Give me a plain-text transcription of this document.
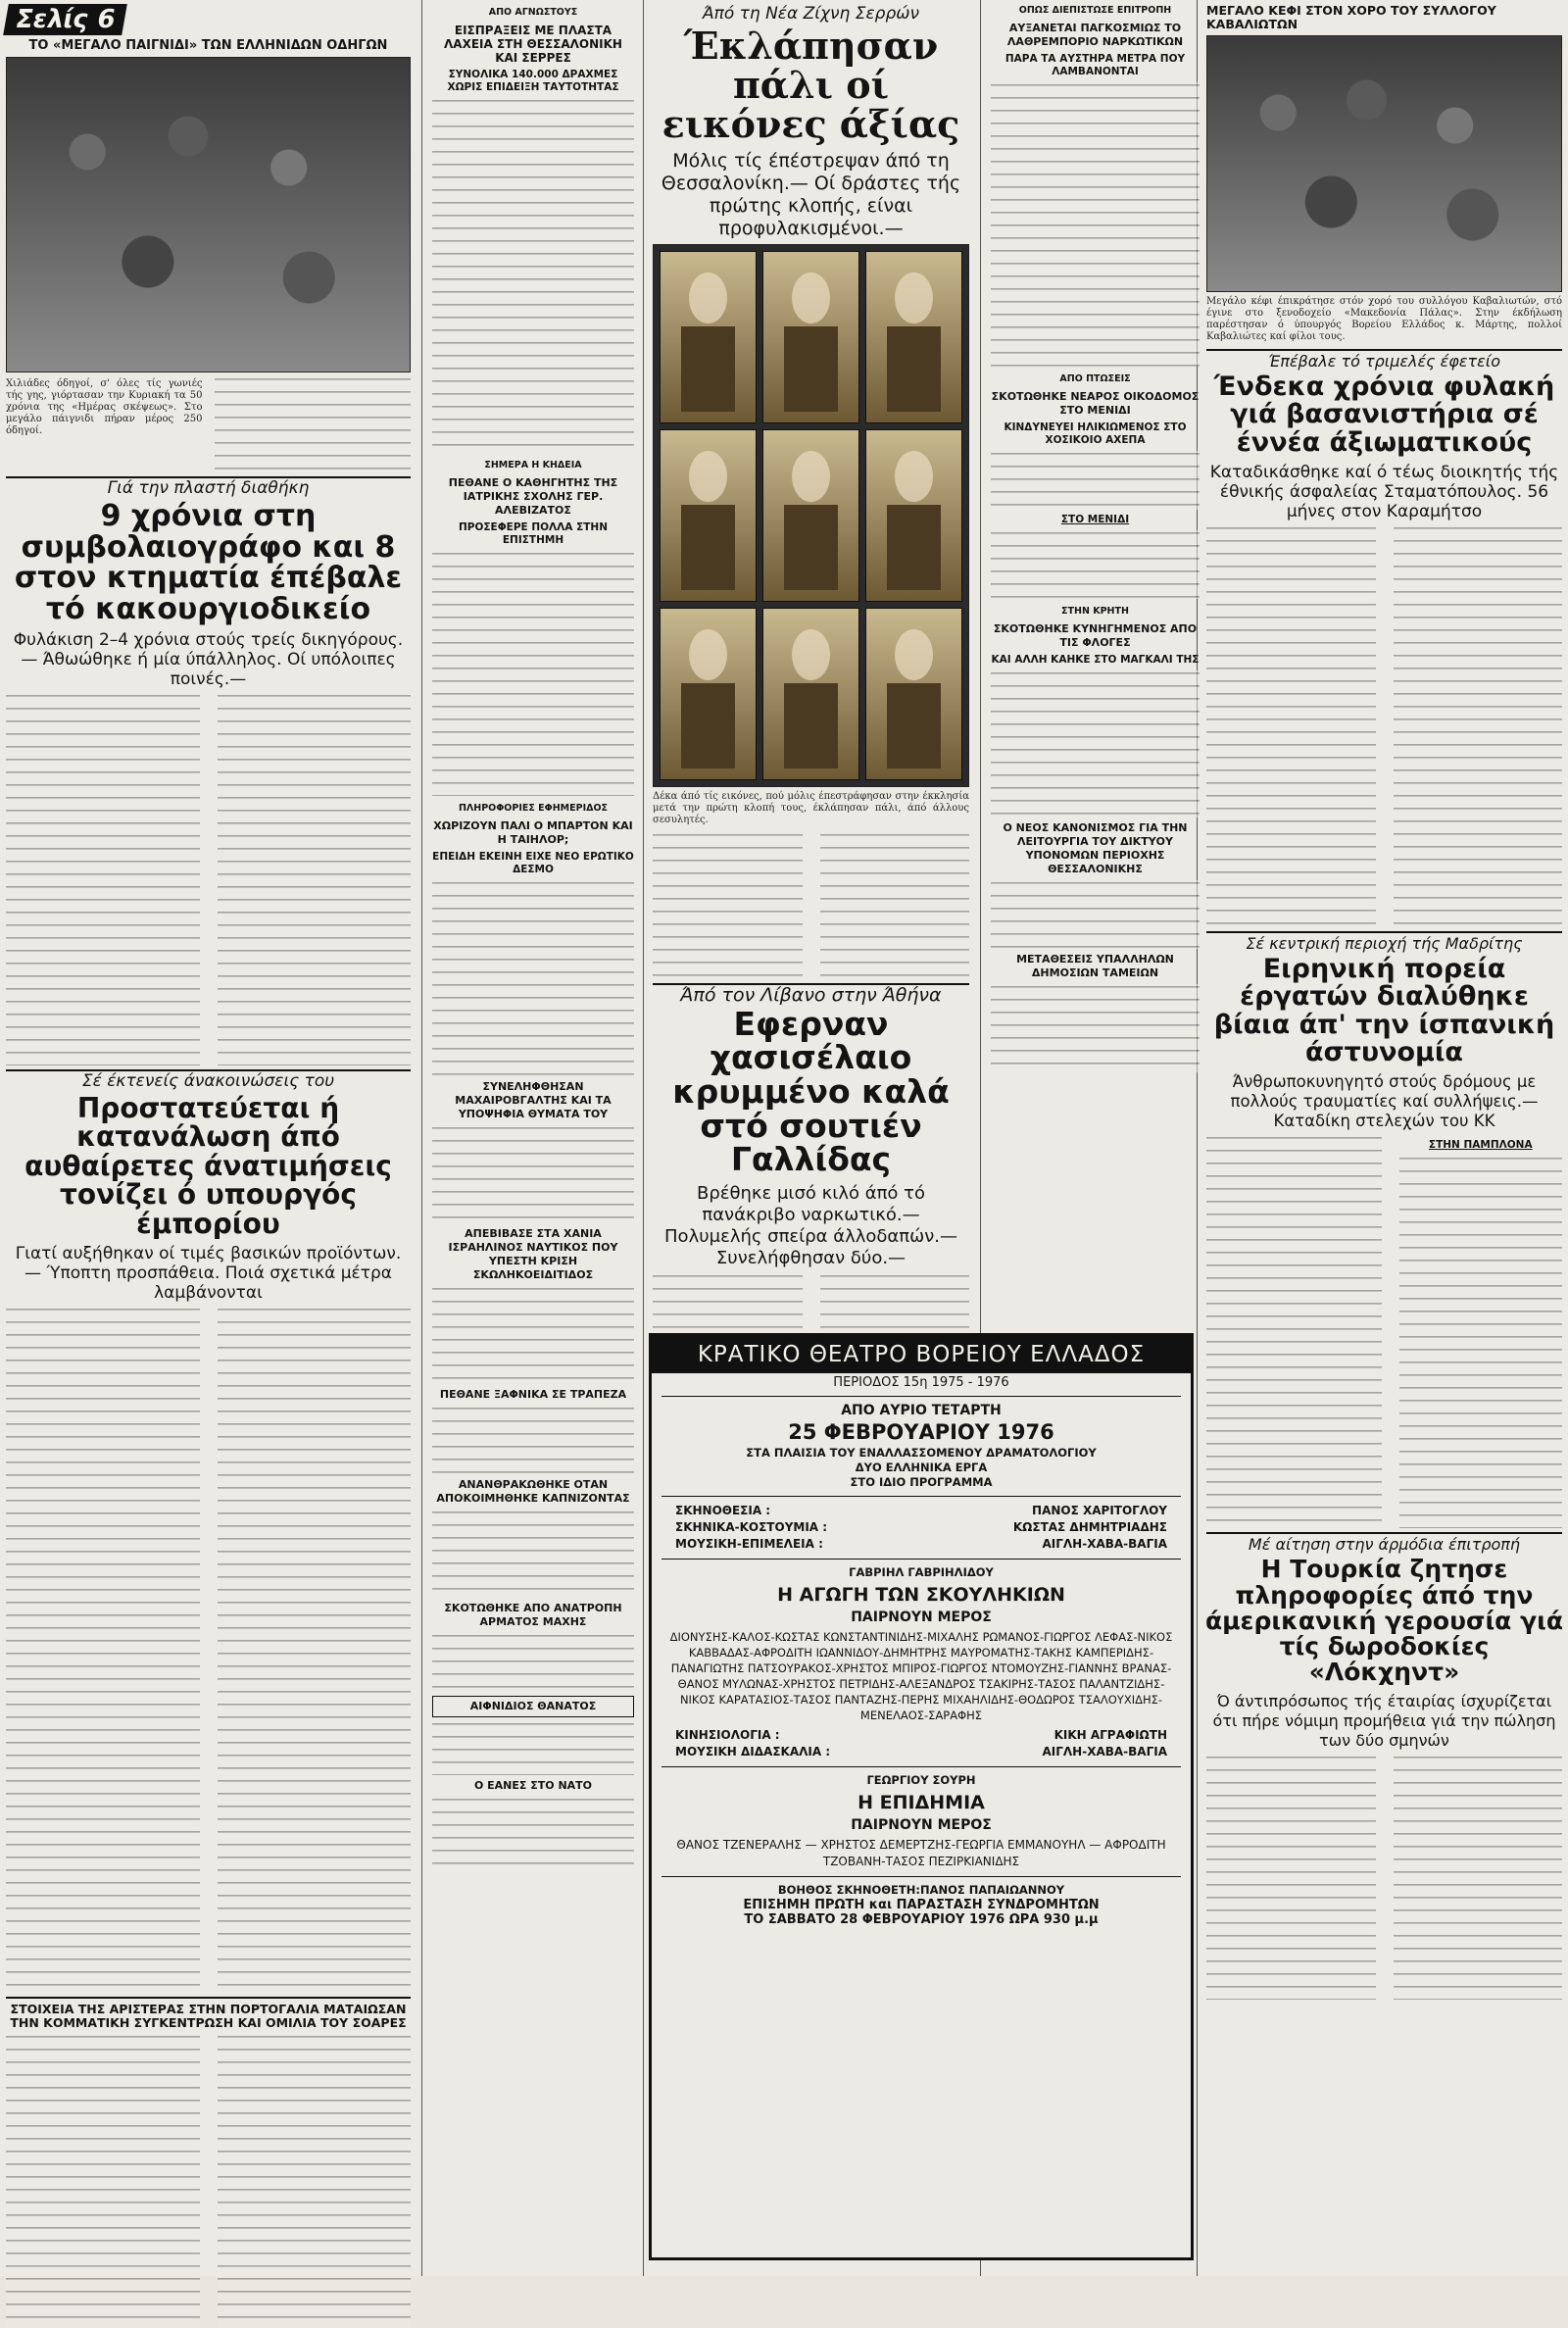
Σελίς 6
ΤΟ «ΜΕΓΑΛΟ ΠΑΙΓΝΙΔΙ» ΤΩΝ ΕΛΛΗΝΙΔΩΝ ΟΔΗΓΩΝ
Χιλιάδες όδηγοί, σ' όλες τίς γωνιές τής γης, γιόρτασαν την Κυριακή τα 50 χρόνια της «Ημέρας σκέψεως». Στο μεγάλο πάιγνιδι πήραν μέρος 250 όδηγοί.
Γιά την πλαστή διαθήκη
9 χρόνια στη συμβολαιογράφο και 8 στον κτηματία έπέβαλε τό κακουργιοδικείο
Φυλάκιση 2–4 χρόνια στούς τρείς δικηγόρους.— Άθωώθηκε ή μία ύπάλληλος. Οί υπόλοιπες ποινές.—
Σέ έκτενείς άνακοινώσεις του
Προστατεύεται ή κατανάλωση άπό αυθαίρετες άνατιμήσεις τονίζει ό υπουργός έμπορίου
Γιατί αυξήθηκαν οί τιμές βασικών προϊόντων.— Ύποπτη προσπάθεια. Ποιά σχετικά μέτρα λαμβάνονται
ΣΤΟΙΧΕΙΑ ΤΗΣ ΑΡΙΣΤΕΡΑΣ ΣΤΗΝ ΠΟΡΤΟΓΑΛΙΑ ΜΑΤΑΙΩΣΑΝ ΤΗΝ ΚΟΜΜΑΤΙΚΗ ΣΥΓΚΕΝΤΡΩΣΗ ΚΑΙ ΟΜΙΛΙΑ ΤΟΥ ΣΟΑΡΕΣ
ΑΠΟ ΑΓΝΩΣΤΟΥΣ
ΕΙΣΠΡΑΞΕΙΣ ΜΕ ΠΛΑΣΤΑ ΛΑΧΕΙΑ ΣΤΗ ΘΕΣΣΑΛΟΝΙΚΗ ΚΑΙ ΣΕΡΡΕΣ
ΣΥΝΟΛΙΚΑ 140.000 ΔΡΑΧΜΕΣ ΧΩΡΙΣ ΕΠΙΔΕΙΞΗ ΤΑΥΤΟΤΗΤΑΣ
ΣΗΜΕΡΑ Η ΚΗΔΕΙΑ
ΠΕΘΑΝΕ Ο ΚΑΘΗΓΗΤΗΣ ΤΗΣ ΙΑΤΡΙΚΗΣ ΣΧΟΛΗΣ ΓΕΡ. ΑΛΕΒΙΖΑΤΟΣ
ΠΡΟΣΕΦΕΡΕ ΠΟΛΛΑ ΣΤΗΝ ΕΠΙΣΤΗΜΗ
ΠΛΗΡΟΦΟΡΙΕΣ ΕΦΗΜΕΡΙΔΟΣ
ΧΩΡΙΖΟΥΝ ΠΑΛΙ Ο ΜΠΑΡΤΟΝ ΚΑΙ Η ΤΑΙΗΛΟΡ;
ΕΠΕΙΔΗ ΕΚΕΙΝΗ ΕΙΧΕ ΝΕΟ ΕΡΩΤΙΚΟ ΔΕΣΜΟ
ΣΥΝΕΛΗΦΘΗΣΑΝ ΜΑΧΑΙΡΟΒΓΑΛΤΗΣ ΚΑΙ ΤΑ ΥΠΟΨΗΦΙΑ ΘΥΜΑΤΑ ΤΟΥ
ΑΠΕΒΙΒΑΣΕ ΣΤΑ ΧΑΝΙΑ ΙΣΡΑΗΛΙΝΟΣ ΝΑΥΤΙΚΟΣ ΠΟΥ ΥΠΕΣΤΗ ΚΡΙΣΗ ΣΚΩΛΗΚΟΕΙΔΙΤΙΔΟΣ
ΠΕΘΑΝΕ ΞΑΦΝΙΚΑ ΣΕ ΤΡΑΠΕΖΑ
ΑΝΑΝΘΡΑΚΩΘΗΚΕ ΟΤΑΝ ΑΠΟΚΟΙΜΗΘΗΚΕ ΚΑΠΝΙΖΟΝΤΑΣ
ΣΚΟΤΩΘΗΚΕ ΑΠΟ ΑΝΑΤΡΟΠΗ ΑΡΜΑΤΟΣ ΜΑΧΗΣ
ΑΙΦΝΙΔΙΟΣ ΘΑΝΑΤΟΣ
Ο ΕΑΝΕΣ ΣΤΟ ΝΑΤΟ
Άπό τη Νέα Ζίχνη Σερρών
Έκλάπησαν πάλι οί εικόνες άξίας
Μόλις τίς έπέστρεψαν άπό τη Θεσσαλονίκη.— Οί δράστες τής πρώτης κλοπής, είναι προφυλακισμένοι.—
Δέκα άπό τίς εικόνες, πού μόλις έπεστράφησαν στην έκκλησία μετά την πρώτη κλοπή τους, έκλάπησαν πάλι, άπό άλλους σεσυλητές.
Άπό τον Λίβανο στην Άθήνα
Εφερναν χασισέλαιο κρυμμένο καλά στό σουτιέν Γαλλίδας
Βρέθηκε μισό κιλό άπό τό πανάκριβο ναρκωτικό.— Πολυμελής σπείρα άλλοδαπών.— Συνελήφθησαν δύο.—
ΟΠΩΣ ΔΙΕΠΙΣΤΩΣΕ ΕΠΙΤΡΟΠΗ
ΑΥΞΑΝΕΤΑΙ ΠΑΓΚΟΣΜΙΩΣ ΤΟ ΛΑΘΡΕΜΠΟΡΙΟ ΝΑΡΚΩΤΙΚΩΝ
ΠΑΡΑ ΤΑ ΑΥΣΤΗΡΑ ΜΕΤΡΑ ΠΟΥ ΛΑΜΒΑΝΟΝΤΑΙ
ΑΠΟ ΠΤΩΣΕΙΣ
ΣΚΟΤΩΘΗΚΕ ΝΕΑΡΟΣ ΟΙΚΟΔΟΜΟΣ ΣΤΟ ΜΕΝΙΔΙ
ΚΙΝΔΥΝΕΥΕΙ ΗΛΙΚΙΩΜΕΝΟΣ ΣΤΟ ΧΟΣΙΚΟΙΟ ΑΧΕΠΑ
ΣΤΟ ΜΕΝΙΔΙ
ΣΤΗΝ ΚΡΗΤΗ
ΣΚΟΤΩΘΗΚΕ ΚΥΝΗΓΗΜΕΝΟΣ ΑΠΟ ΤΙΣ ΦΛΟΓΕΣ
ΚΑΙ ΑΛΛΗ ΚΑΗΚΕ ΣΤΟ ΜΑΓΚΑΛΙ ΤΗΣ
Ο ΝΕΟΣ ΚΑΝΟΝΙΣΜΟΣ ΓΙΑ ΤΗΝ ΛΕΙΤΟΥΡΓΙΑ ΤΟΥ ΔΙΚΤΥΟΥ ΥΠΟΝΟΜΩΝ ΠΕΡΙΟΧΗΣ ΘΕΣΣΑΛΟΝΙΚΗΣ
ΜΕΤΑΘΕΣΕΙΣ ΥΠΑΛΛΗΛΩΝ ΔΗΜΟΣΙΩΝ ΤΑΜΕΙΩΝ
ΜΕΓΑΛΟ ΚΕΦΙ ΣΤΟΝ ΧΟΡΟ ΤΟΥ ΣΥΛΛΟΓΟΥ ΚΑΒΑΛΙΩΤΩΝ
Μεγάλο κέφι έπικράτησε στόν χορό του συλλόγου Καβαλιωτών, στό έγινε στο ξενοδοχείο «Μακεδονία Πάλας». Στην έκδήλωση παρέστησαν ό ύπουργός Βορείου Ελλάδος κ. Μάρτης, πολλοί Καβαλιώτες καί φίλοι τους.
Έπέβαλε τό τριμελές έφετείο
Ένδεκα χρόνια φυλακή γιά βασανιστήρια σέ έννέα άξιωματικούς
Καταδικάσθηκε καί ό τέως διοικητής τής έθνικής άσφαλείας Σταματόπουλος. 56 μήνες στον Καραμήτσο
Σέ κεντρική περιοχή τής Μαδρίτης
Ειρηνική πορεία έργατών διαλύθηκε βίαια άπ' την ίσπανική άστυνομία
Άνθρωποκυνηγητό στούς δρόμους με πολλούς τραυματίες καί συλλήψεις.— Καταδίκη στελεχών του ΚΚ
ΣΤΗΝ ΠΑΜΠΛΟΝΑ
Μέ αίτηση στην άρμόδια έπιτροπή
Η Τουρκία ζητησε πληροφορίες άπό την άμερικανική γερουσία γιά τίς δωροδοκίες «Λόκχηντ»
Ό άντιπρόσωπος τής έταιρίας ίσχυρίζεται ότι πήρε νόμιμη προμήθεια γιά την πώληση των δύο σμηνών
ΚΡΑΤΙΚΟ ΘΕΑΤΡΟ ΒΟΡΕΙΟΥ ΕΛΛΑΔΟΣ
ΠΕΡΙΟΔΟΣ 15η 1975 - 1976
ΑΠΟ ΑΥΡΙΟ ΤΕΤΑΡΤΗ
25 ΦΕΒΡΟΥΑΡΙΟΥ 1976
ΣΤΑ ΠΛΑΙΣΙΑ ΤΟΥ ΕΝΑΛΛΑΣΣΟΜΕΝΟΥ ΔΡΑΜΑΤΟΛΟΓΙΟΥ
ΔΥΟ ΕΛΛΗΝΙΚΑ ΕΡΓΑ
ΣΤΟ ΙΔΙΟ ΠΡΟΓΡΑΜΜΑ
ΣΚΗΝΟΘΕΣΙΑ :	ΠΑΝΟΣ ΧΑΡΙΤΟΓΛΟΥ
ΣΚΗΝΙΚΑ-ΚΟΣΤΟΥΜΙΑ :	ΚΩΣΤΑΣ ΔΗΜΗΤΡΙΑΔΗΣ
ΜΟΥΣΙΚΗ-ΕΠΙΜΕΛΕΙΑ :	ΑΙΓΛΗ-ΧΑΒΑ-ΒΑΓΙΑ
ΓΑΒΡΙΗΛ ΓΑΒΡΙΗΛΙΔΟΥ
Η ΑΓΩΓΗ ΤΩΝ ΣΚΟΥΛΗΚΙΩΝ
ΠΑΙΡΝΟΥΝ ΜΕΡΟΣ
ΔΙΟΝΥΣΗΣ-ΚΑΛΟΣ-ΚΩΣΤΑΣ ΚΩΝΣΤΑΝΤΙΝΙΔΗΣ-ΜΙΧΑΛΗΣ ΡΩΜΑΝΟΣ-ΓΙΩΡΓΟΣ ΛΕΦΑΣ-ΝΙΚΟΣ ΚΑΒΒΑΔΑΣ-ΑΦΡΟΔΙΤΗ ΙΩΑΝΝΙΔΟΥ-ΔΗΜΗΤΡΗΣ ΜΑΥΡΟΜΑΤΗΣ-ΤΑΚΗΣ ΚΑΜΠΕΡΙΔΗΣ-ΠΑΝΑΓΙΩΤΗΣ ΠΑΤΣΟΥΡΑΚΟΣ-ΧΡΗΣΤΟΣ ΜΠΙΡΟΣ-ΓΙΩΡΓΟΣ ΝΤΟΜΟΥΖΗΣ-ΓΙΑΝΝΗΣ ΒΡΑΝΑΣ-ΘΑΝΟΣ ΜΥΛΩΝΑΣ-ΧΡΗΣΤΟΣ ΠΕΤΡΙΔΗΣ-ΑΛΕΞΑΝΔΡΟΣ ΤΣΑΚΙΡΗΣ-ΤΑΣΟΣ ΠΑΛΑΝΤΖΙΔΗΣ-ΝΙΚΟΣ ΚΑΡΑΤΑΣΙΟΣ-ΤΑΣΟΣ ΠΑΝΤΑΖΗΣ-ΠΕΡΗΣ ΜΙΧΑΗΛΙΔΗΣ-ΘΟΔΩΡΟΣ ΤΣΑΛΟΥΧΙΔΗΣ-ΜΕΝΕΛΑΟΣ-ΣΑΡΑΦΗΣ
ΚΙΝΗΣΙΟΛΟΓΙΑ :	ΚΙΚΗ ΑΓΡΑΦΙΩΤΗ
ΜΟΥΣΙΚΗ ΔΙΔΑΣΚΑΛΙΑ :	ΑΙΓΛΗ-ΧΑΒΑ-ΒΑΓΙΑ
ΓΕΩΡΓΙΟΥ ΣΟΥΡΗ
Η ΕΠΙΔΗΜΙΑ
ΠΑΙΡΝΟΥΝ ΜΕΡΟΣ
ΘΑΝΟΣ ΤΖΕΝΕΡΑΛΗΣ — ΧΡΗΣΤΟΣ ΔΕΜΕΡΤΖΗΣ-ΓΕΩΡΓΙΑ ΕΜΜΑΝΟΥΗΛ — ΑΦΡΟΔΙΤΗ ΤΖΟΒΑΝΗ-ΤΑΣΟΣ ΠΕΖΙΡΚΙΑΝΙΔΗΣ
ΒΟΗΘΟΣ ΣΚΗΝΟΘΕΤΗ:ΠΑΝΟΣ ΠΑΠΑΙΩΑΝΝΟΥ
ΕΠΙΣΗΜΗ ΠΡΩΤΗ και ΠΑΡΑΣΤΑΣΗ ΣΥΝΔΡΟΜΗΤΩΝ
ΤΟ ΣΑΒΒΑΤΟ 28 ΦΕΒΡΟΥΑΡΙΟΥ 1976 ΩΡΑ 930 μ.μ
